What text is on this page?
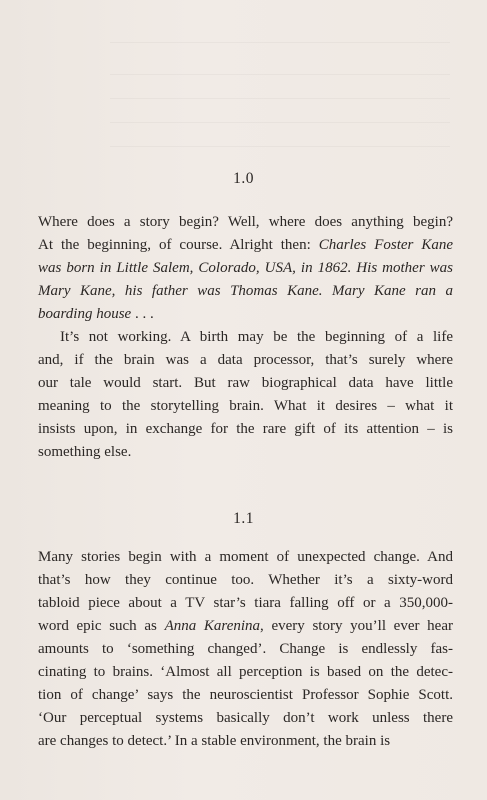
1.0
Where does a story begin? Well, where does anything begin?
At the beginning, of course. Alright then: Charles Foster Kane
was born in Little Salem, Colorado, USA, in 1862. His mother was
Mary Kane, his father was Thomas Kane. Mary Kane ran a
boarding house . . .
It’s not working. A birth may be the beginning of a life
and, if the brain was a data processor, that’s surely where
our tale would start. But raw biographical data have little
meaning to the storytelling brain. What it desires – what it
insists upon, in exchange for the rare gift of its attention – is
something else.
1.1
Many stories begin with a moment of unexpected change. And
that’s how they continue too. Whether it’s a sixty-word
tabloid piece about a TV star’s tiara falling off or a 350,000-
word epic such as Anna Karenina, every story you’ll ever hear
amounts to ‘something changed’. Change is endlessly fas-
cinating to brains. ‘Almost all perception is based on the detec-
tion of change’ says the neuroscientist Professor Sophie Scott.
‘Our perceptual systems basically don’t work unless there
are changes to detect.’ In a stable environment, the brain is
